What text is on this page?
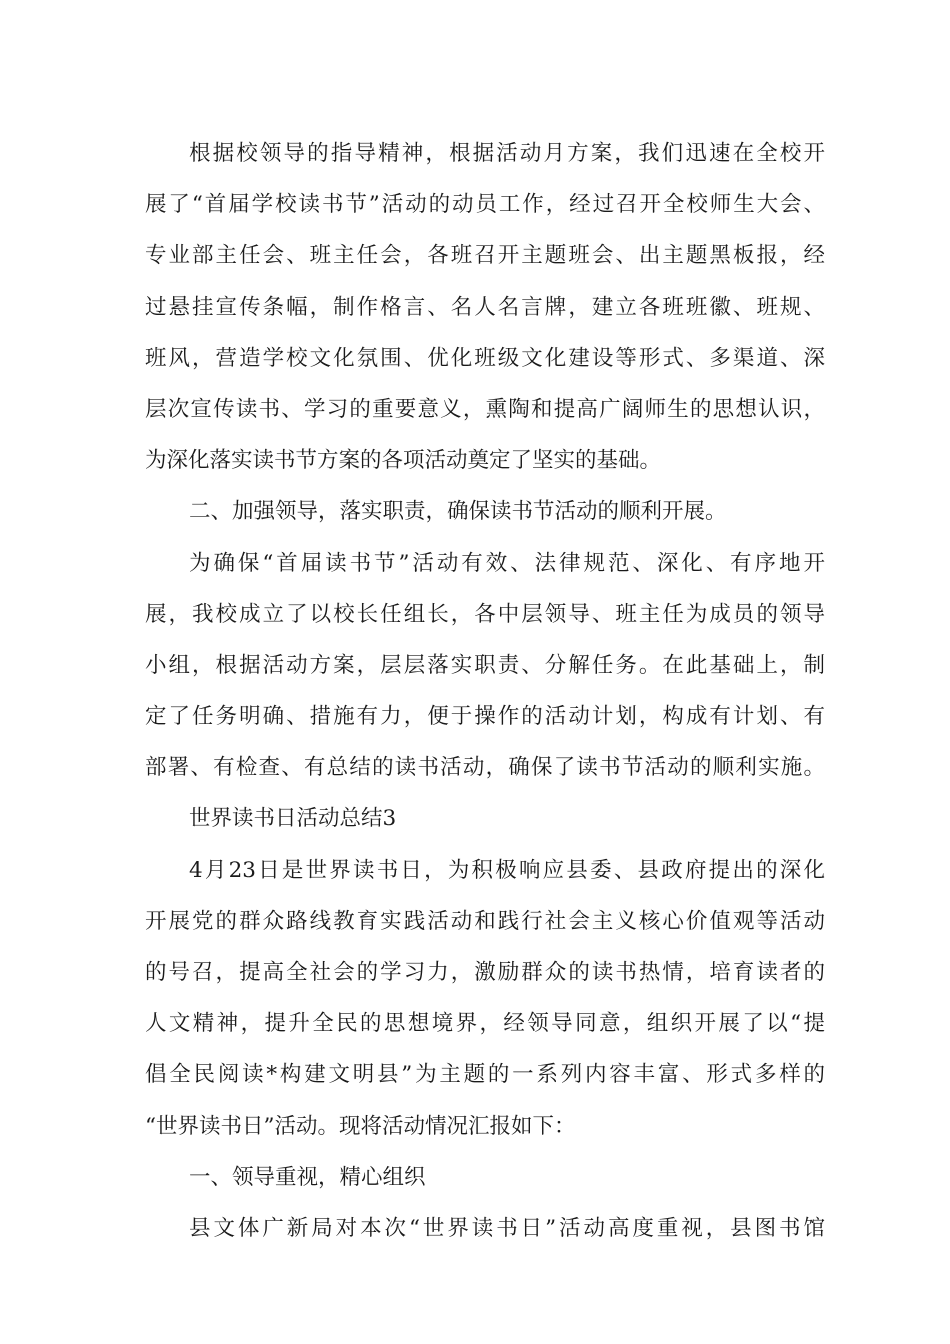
根据校领导的指导精神，根据活动月方案，我们迅速在全校开
展了“首届学校读书节”活动的动员工作，经过召开全校师生大会、
专业部主任会、班主任会，各班召开主题班会、出主题黑板报，经
过悬挂宣传条幅，制作格言、名人名言牌，建立各班班徽、班规、
班风，营造学校文化氛围、优化班级文化建设等形式、多渠道、深
层次宣传读书、学习的重要意义，熏陶和提高广阔师生的思想认识，
为深化落实读书节方案的各项活动奠定了坚实的基础。
二、加强领导，落实职责，确保读书节活动的顺利开展。
为确保“首届读书节”活动有效、法律规范、深化、有序地开
展，我校成立了以校长任组长，各中层领导、班主任为成员的领导
小组，根据活动方案，层层落实职责、分解任务。在此基础上，制
定了任务明确、措施有力，便于操作的活动计划，构成有计划、有
部署、有检查、有总结的读书活动，确保了读书节活动的顺利实施。
世界读书日活动总结3
4月23日是世界读书日，为积极响应县委、县政府提出的深化
开展党的群众路线教育实践活动和践行社会主义核心价值观等活动
的号召，提高全社会的学习力，激励群众的读书热情，培育读者的
人文精神，提升全民的思想境界，经领导同意，组织开展了以“提
倡全民阅读*构建文明县”为主题的一系列内容丰富、形式多样的
“世界读书日”活动。现将活动情况汇报如下：
一、领导重视，精心组织
县文体广新局对本次“世界读书日”活动高度重视，县图书馆
